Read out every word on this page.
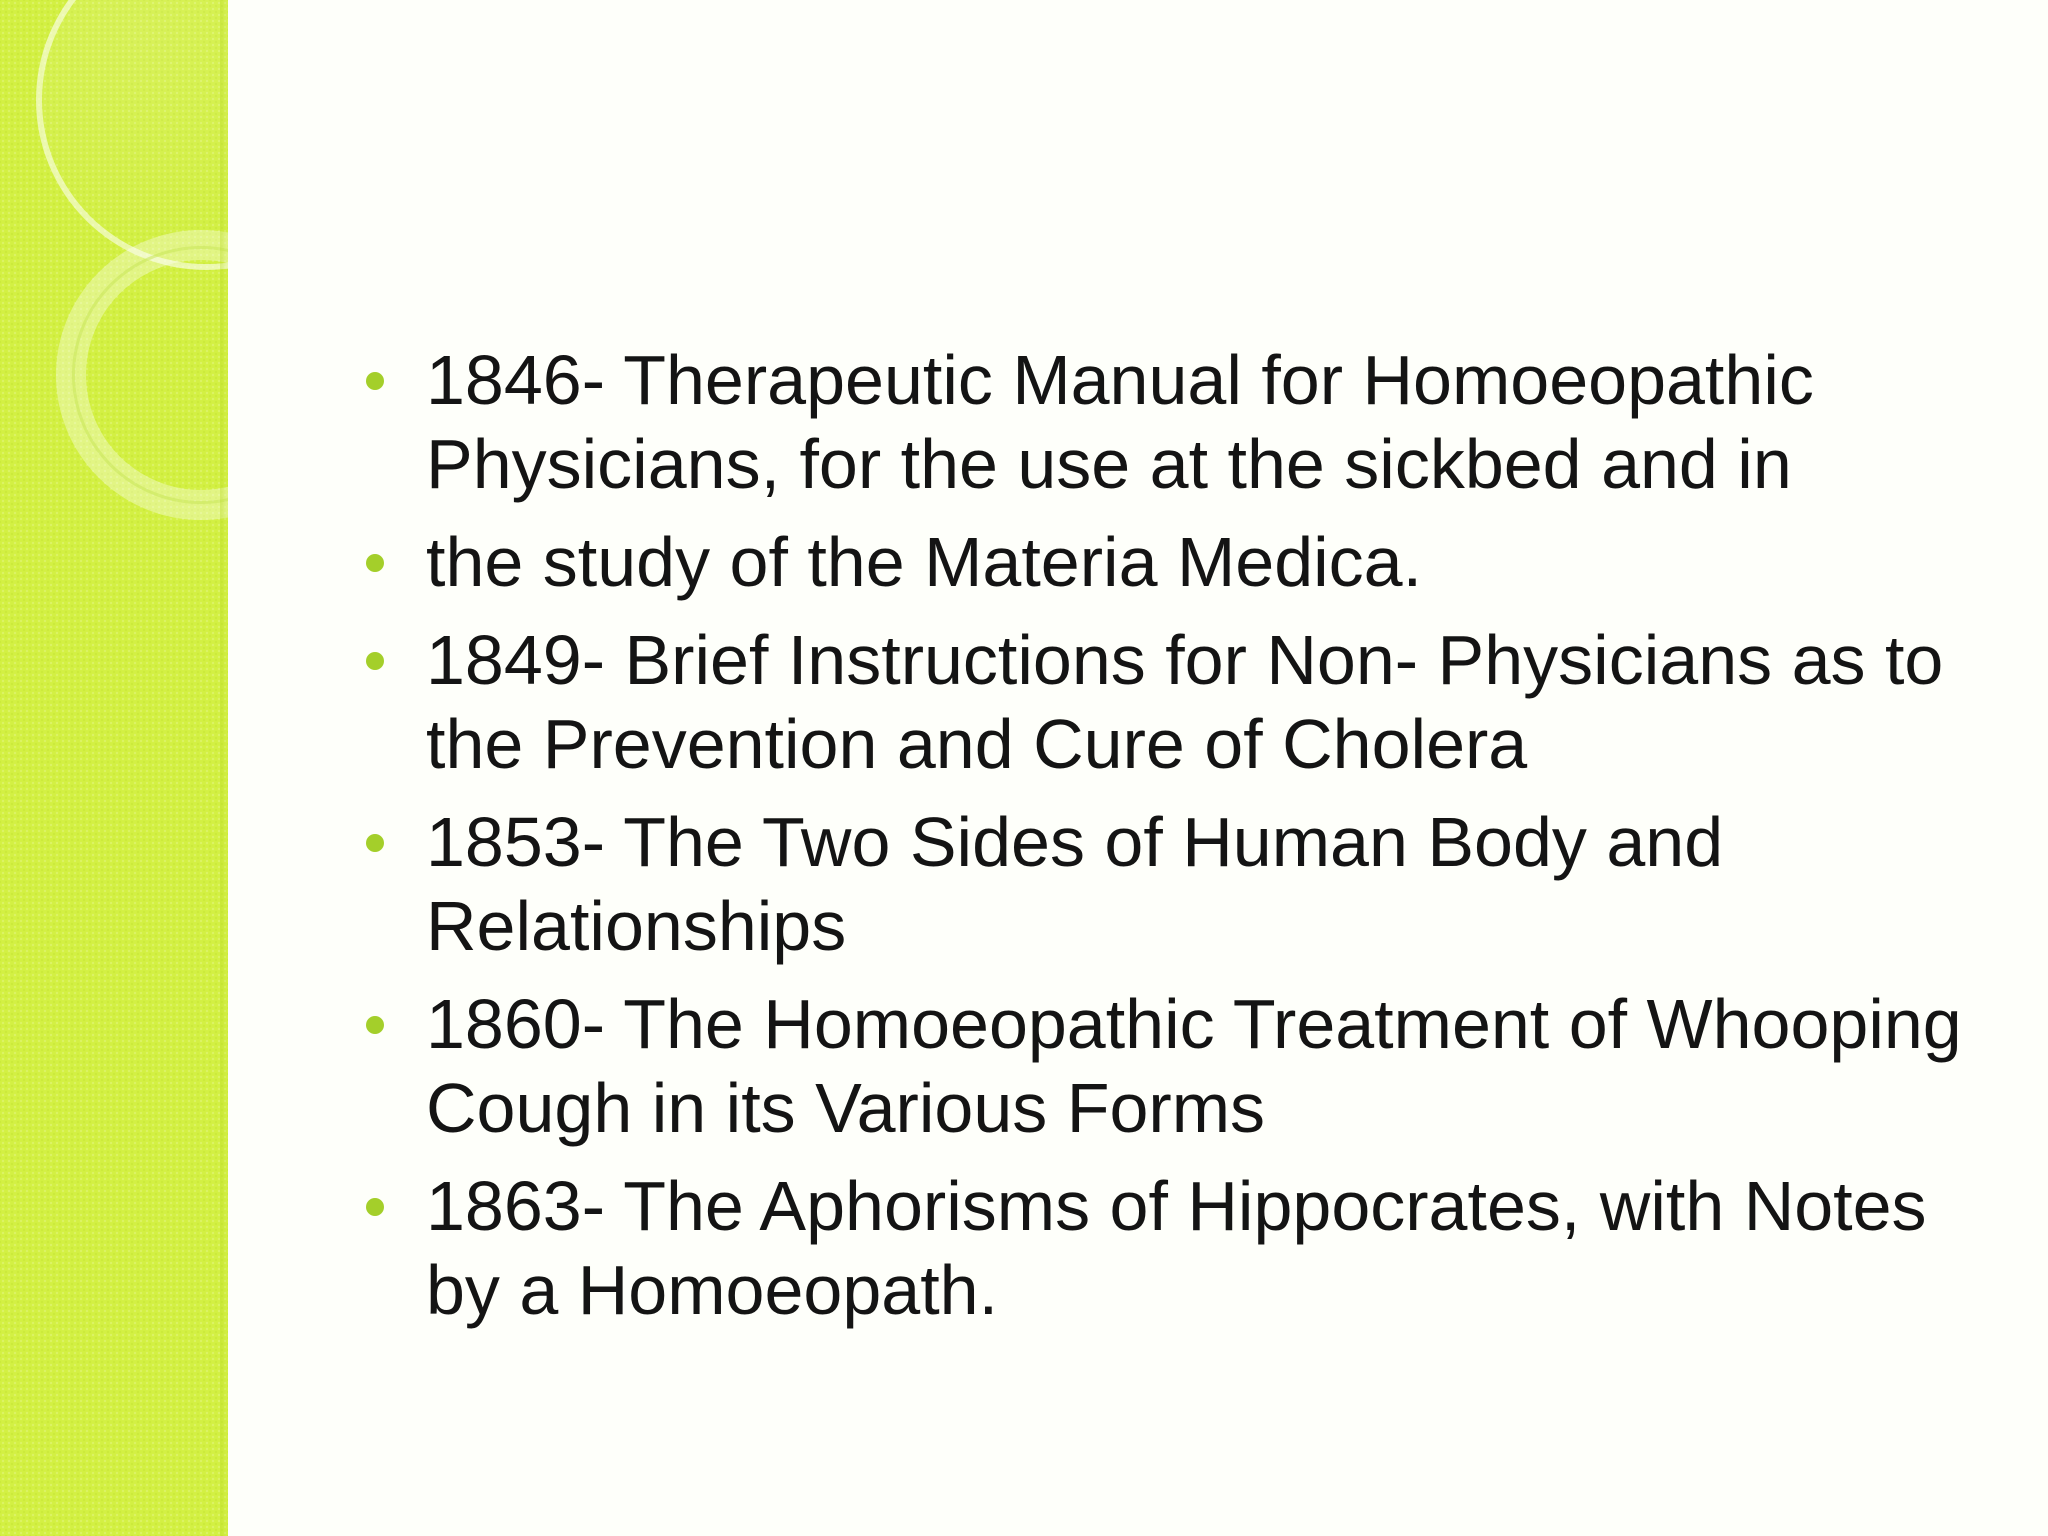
1846- Therapeutic Manual for Homoeopathic Physicians, for the use at the sickbed and in
the study of the Materia Medica.
1849- Brief Instructions for Non- Physicians as to the Prevention and Cure of Cholera
1853- The Two Sides of Human Body and Relationships
1860- The Homoeopathic Treatment of Whooping Cough in its Various Forms
1863- The Aphorisms of Hippocrates, with Notes by a Homoeopath.
